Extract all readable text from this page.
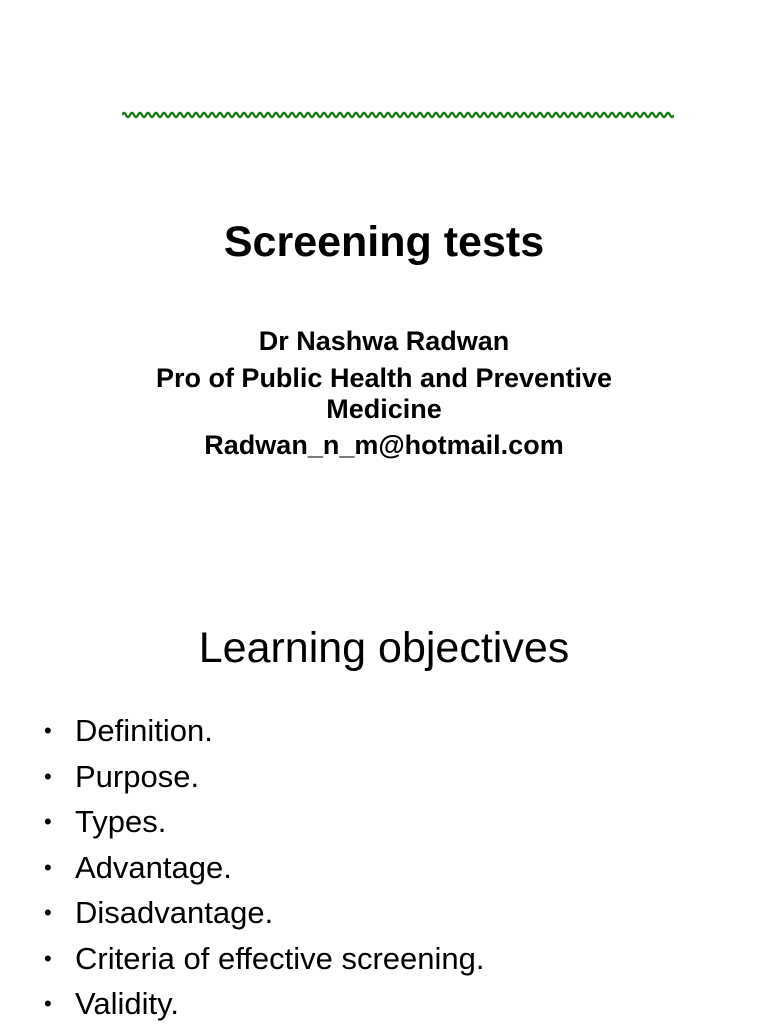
Screening tests
Dr Nashwa Radwan
Pro of Public Health and Preventive
Medicine
Radwan_n_m@hotmail.com
Learning objectives
• Definition.
• Purpose.
• Types.
• Advantage.
• Disadvantage.
• Criteria of effective screening.
• Validity.
